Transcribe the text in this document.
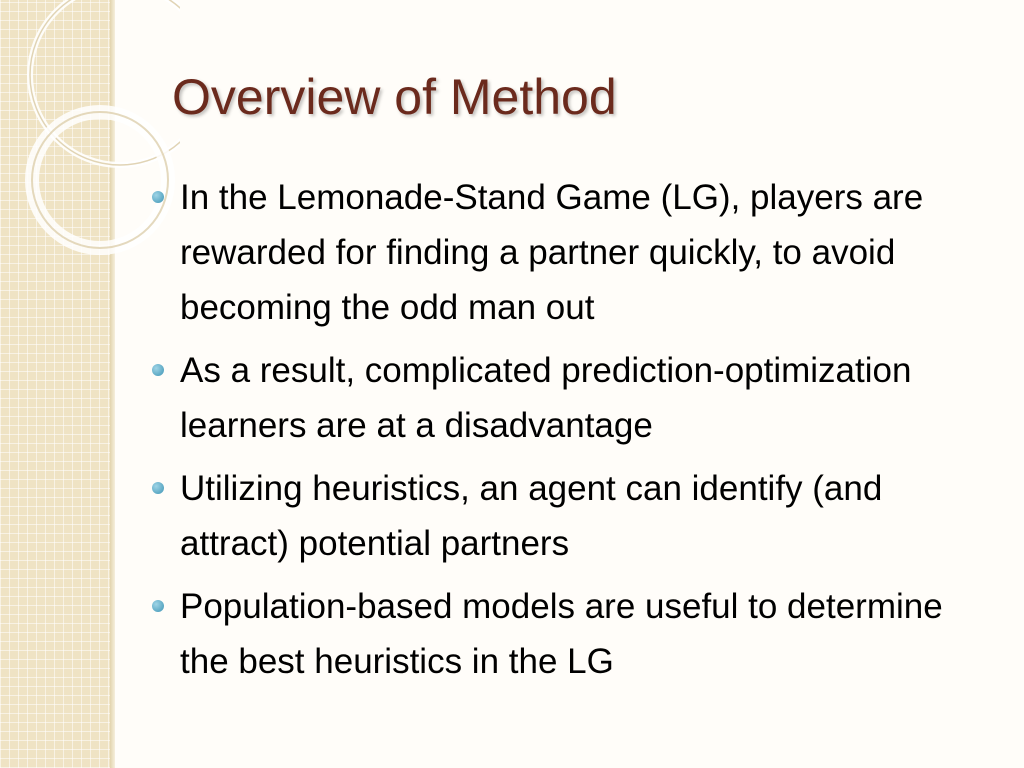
Overview of Method
In the Lemonade-Stand Game (LG), players are rewarded for finding a partner quickly, to avoid becoming the odd man out
As a result, complicated prediction-optimization learners are at a disadvantage
Utilizing heuristics, an agent can identify (and attract) potential partners
Population-based models are useful to determine the best heuristics in the LG
